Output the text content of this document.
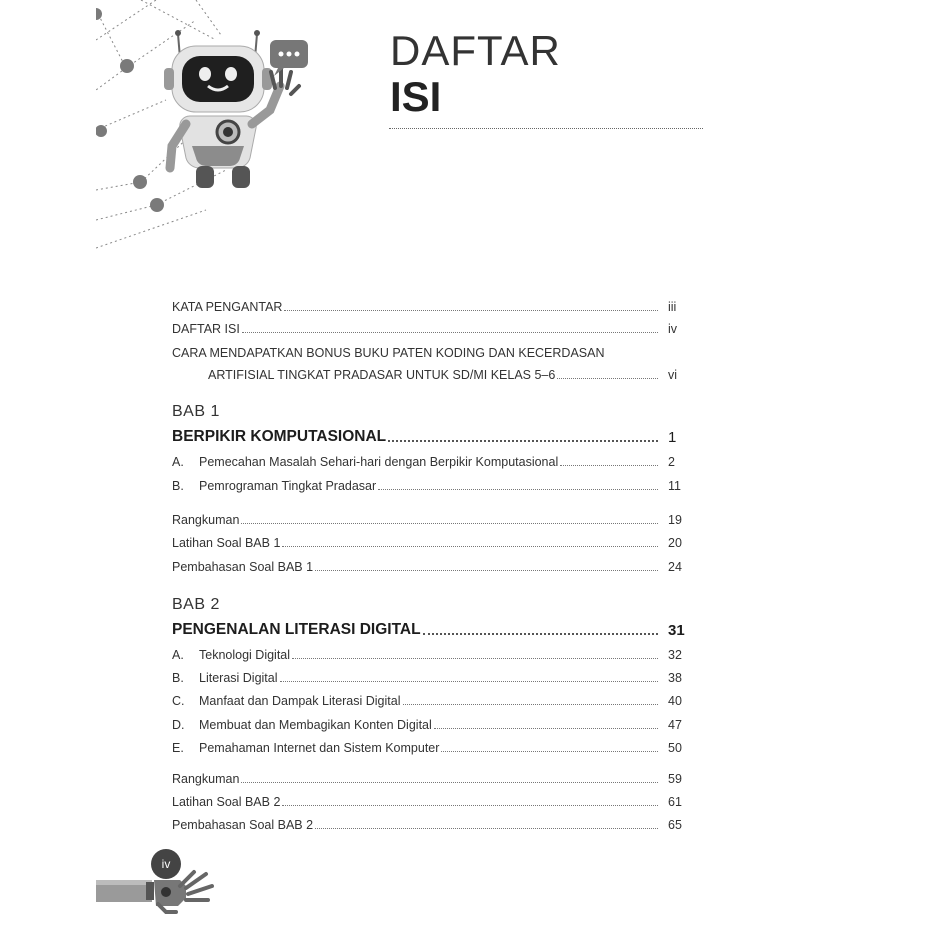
DAFTAR
ISI
KATA PENGANTAR	iii
DAFTAR ISI	iv
CARA MENDAPATKAN BONUS BUKU PATEN KODING DAN KECERDASAN
ARTIFISIAL TINGKAT PRADASAR UNTUK SD/MI KELAS 5–6	vi
BAB 1
BERPIKIR KOMPUTASIONAL	1
A. Pemecahan Masalah Sehari-hari dengan Berpikir Komputasional	2
B. Pemrograman Tingkat Pradasar	11
Rangkuman	19
Latihan Soal BAB 1	20
Pembahasan Soal BAB 1	24
BAB 2
PENGENALAN LITERASI DIGITAL	31
A. Teknologi Digital	32
B. Literasi Digital	38
C. Manfaat dan Dampak Literasi Digital	40
D. Membuat dan Membagikan Konten Digital	47
E. Pemahaman Internet dan Sistem Komputer	50
Rangkuman	59
Latihan Soal BAB 2	61
Pembahasan Soal BAB 2	65
iv
